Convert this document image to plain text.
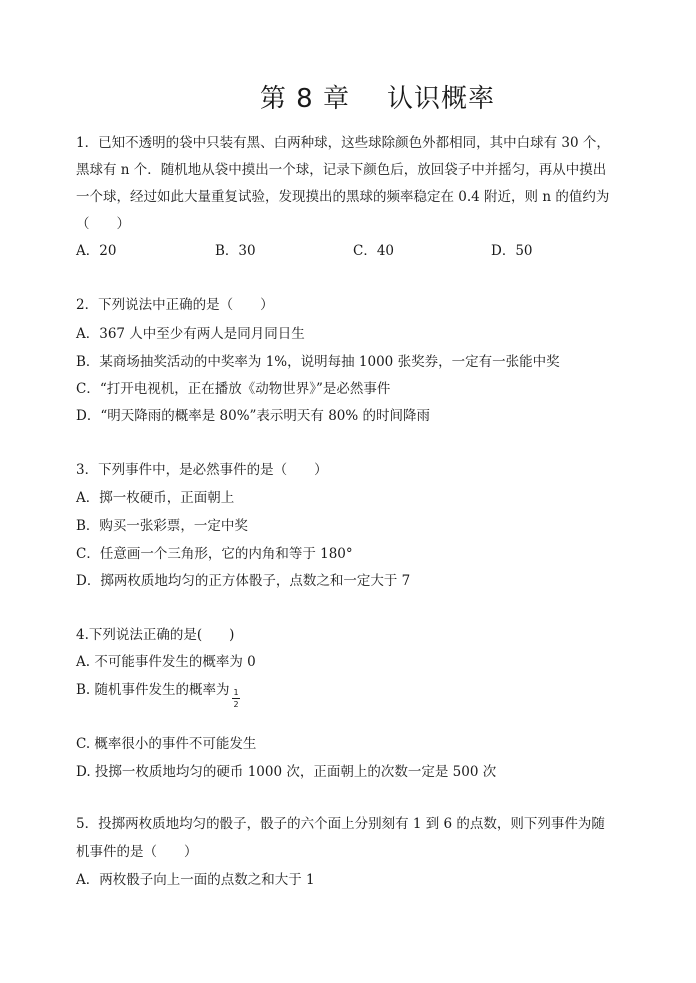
第 8 章    认识概率
1．已知不透明的袋中只装有黑、白两种球，这些球除颜色外都相同，其中白球有 30 个，
黑球有 n 个．随机地从袋中摸出一个球，记录下颜色后，放回袋子中并摇匀，再从中摸出
一个球，经过如此大量重复试验，发现摸出的黑球的频率稳定在 0.4 附近，则 n 的值约为
（　　）
A．20	B．30	C．40	D．50
2．下列说法中正确的是（　　）
A．367 人中至少有两人是同月同日生
B．某商场抽奖活动的中奖率为 1%，说明每抽 1000 张奖券，一定有一张能中奖
C．“打开电视机，正在播放《动物世界》”是必然事件
D．“明天降雨的概率是 80%”表示明天有 80% 的时间降雨
3．下列事件中，是必然事件的是（　　）
A．掷一枚硬币，正面朝上
B．购买一张彩票，一定中奖
C．任意画一个三角形，它的内角和等于 180°
D．掷两枚质地均匀的正方体骰子，点数之和一定大于 7
4.下列说法正确的是(　　)
A. 不可能事件发生的概率为 0
B. 随机事件发生的概率为 1
2
C. 概率很小的事件不可能发生
D. 投掷一枚质地均匀的硬币 1000 次，正面朝上的次数一定是 500 次
5．投掷两枚质地均匀的骰子，骰子的六个面上分别刻有 1 到 6 的点数，则下列事件为随
机事件的是（　　）
A．两枚骰子向上一面的点数之和大于 1
